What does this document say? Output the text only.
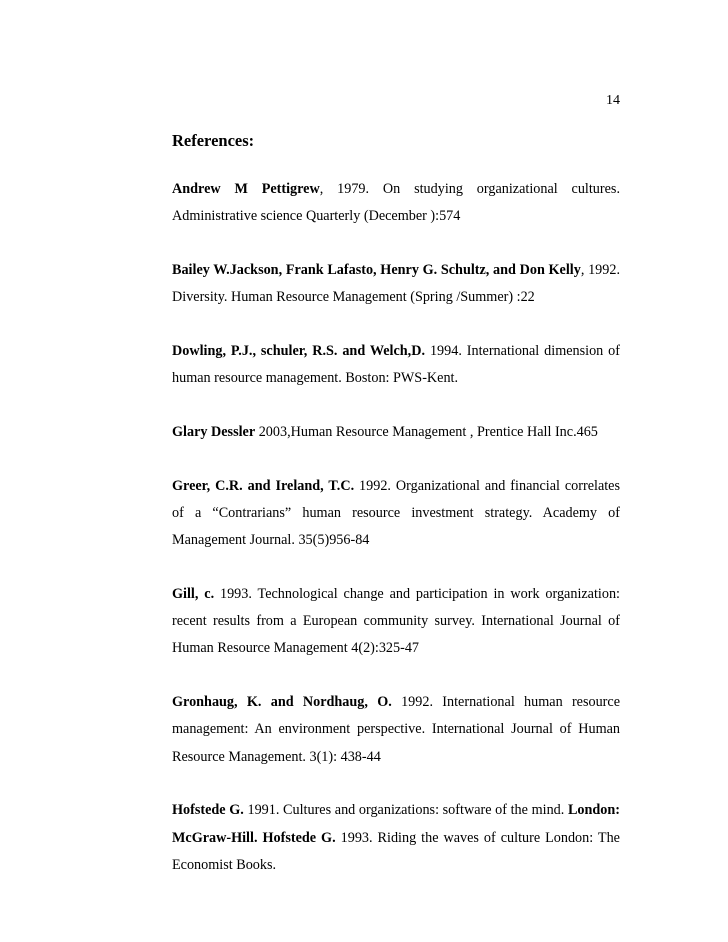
14
References:

Andrew M Pettigrew, 1979. On studying organizational cultures. Administrative science Quarterly (December ):574

Bailey W.Jackson, Frank Lafasto, Henry G. Schultz, and Don Kelly, 1992. Diversity. Human Resource Management (Spring /Summer) :22

Dowling, P.J., schuler, R.S. and Welch,D. 1994. International dimension of human resource management. Boston: PWS-Kent.

Glary Dessler 2003,Human Resource Management , Prentice Hall Inc.465

Greer, C.R. and Ireland, T.C. 1992. Organizational and financial correlates of a “Contrarians” human resource investment strategy. Academy of Management Journal. 35(5)956-84

Gill, c. 1993. Technological change and participation in work organization: recent results from a European community survey. International Journal of Human Resource Management 4(2):325-47

Gronhaug, K. and Nordhaug, O. 1992. International human resource management: An environment perspective. International Journal of Human Resource Management. 3(1): 438-44

Hofstede G. 1991. Cultures and organizations: software of the mind. London: McGraw-Hill. Hofstede G. 1993. Riding the waves of culture London: The Economist Books.
